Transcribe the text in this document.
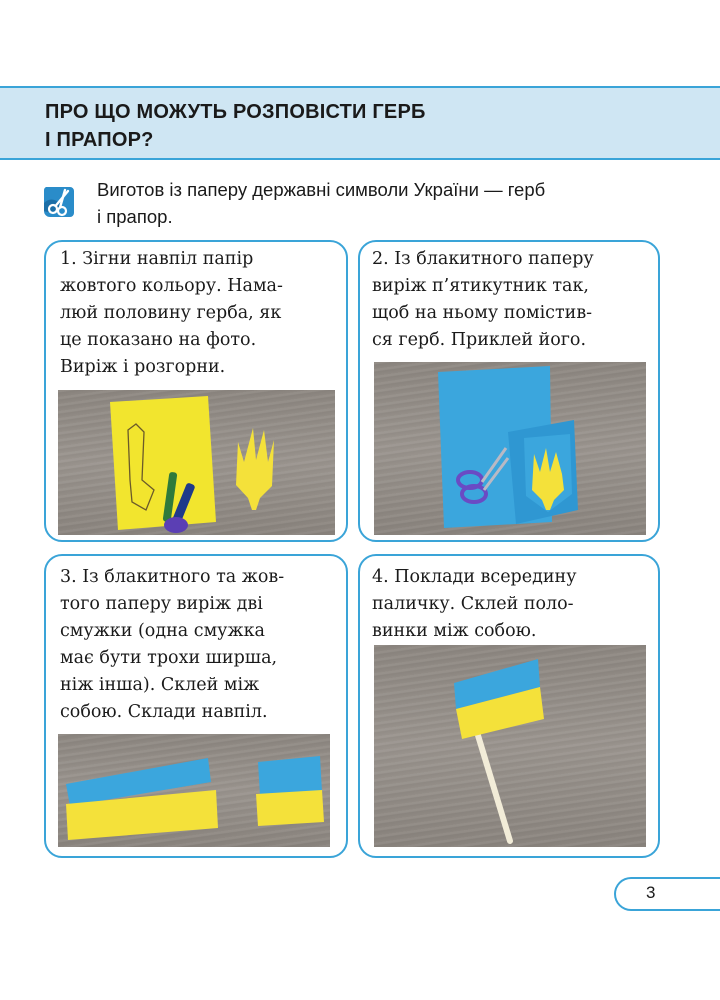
ПРО ЩО МОЖУТЬ РОЗПОВІСТИ ГЕРБ
І ПРАПОР?
Виготов із паперу державні символи України — герб
і прапор.
1. Зігни навпіл папір
жовтого кольору. Нама-
люй половину герба, як
це показано на фото.
Виріж і розгорни.
2. Із блакитного паперу
виріж п’ятикутник так,
щоб на ньому помістив-
ся герб. Приклей його.
3. Із блакитного та жов-
того паперу виріж дві
смужки (одна смужка
має бути трохи ширша,
ніж інша). Склей між
собою. Склади навпіл.
4. Поклади всередину
паличку. Склей поло-
винки між собою.
3
